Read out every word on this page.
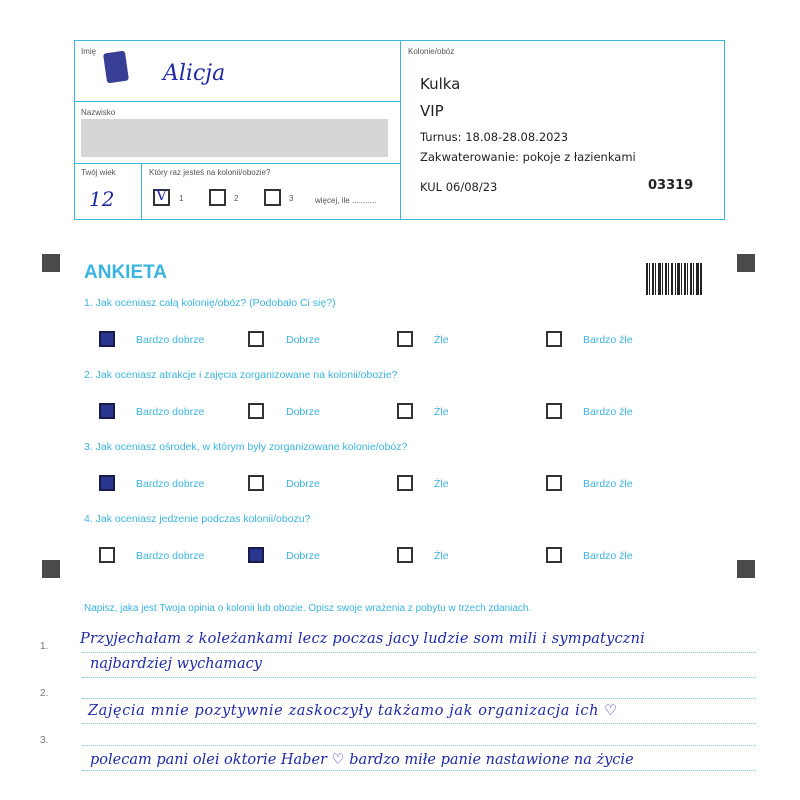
Imię
Alicja
Nazwisko
Twój wiek
12
Który raz jesteś na kolonii/obozie?
V 1	2	3	więcej, ile ...........
Kolonie/obóz
Kulka
VIP
Turnus: 18.08-28.08.2023
Zakwaterowanie: pokoje z łazienkami
KUL 06/08/23	03319
ANKIETA
1. Jak oceniasz całą kolonię/obóz? (Podobało Ci się?)
Bardzo dobrze	Dobrze	Źle	Bardzo źle
2. Jak oceniasz atrakcje i zajęcia zorganizowane na kolonii/obozie?
Bardzo dobrze	Dobrze	Źle	Bardzo źle
3. Jak oceniasz ośrodek, w którym były zorganizowane kolonie/obóz?
Bardzo dobrze	Dobrze	Źle	Bardzo źle
4. Jak oceniasz jedzenie podczas kolonii/obozu?
Bardzo dobrze	Dobrze	Źle	Bardzo źle
Napisz, jaka jest Twoja opinia o kolonii lub obozie. Opisz swoje wrażenia z pobytu w trzech zdaniach.
1.
2.
3.
Przyjechałam z koleżankami lecz poczas jacy ludzie som mili i sympatyczni
najbardziej wychamacy
Zajęcia mnie pozytywnie zaskoczyły takżamo jak organizacja ich ♡
polecam pani olei oktorie Haber ♡ bardzo miłe panie nastawione na życie
